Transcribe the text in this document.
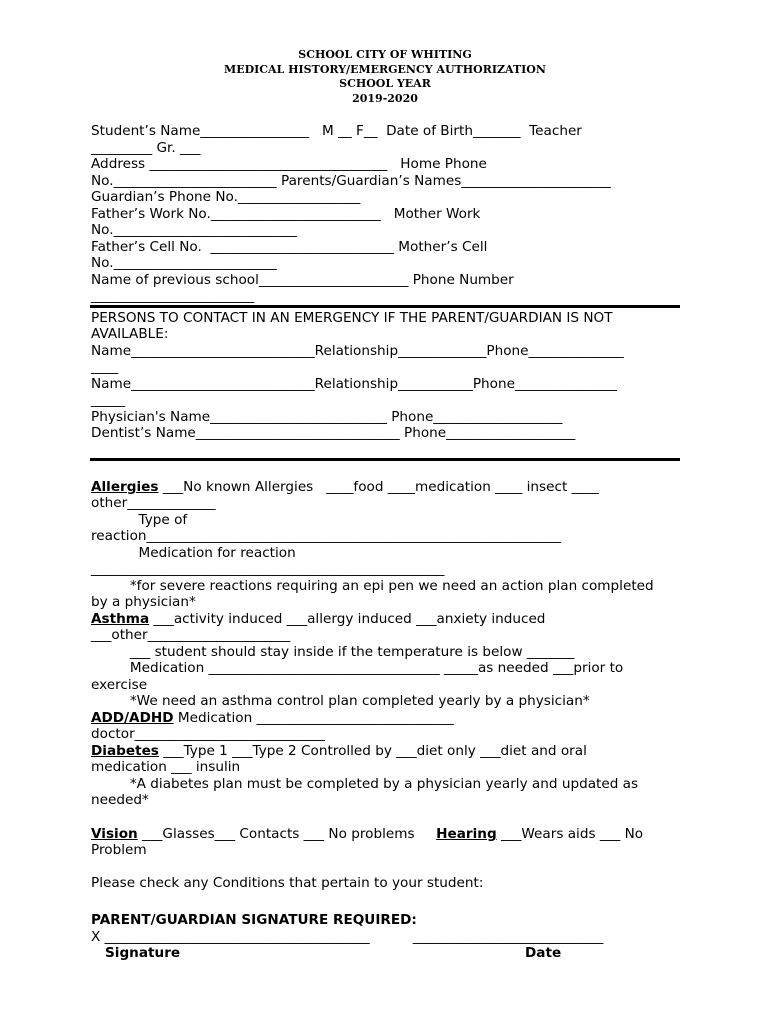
SCHOOL CITY OF WHITING
MEDICAL HISTORY/EMERGENCY AUTHORIZATION
SCHOOL YEAR
2019-2020
Student’s Name________________   M __ F__  Date of Birth_______  Teacher
_________ Gr. ___
Address ___________________________________   Home Phone
No.________________________ Parents/Guardian’s Names______________________
Guardian’s Phone No.__________________
Father’s Work No._________________________   Mother Work
No.___________________________
Father’s Cell No.  ___________________________ Mother’s Cell
No.________________________
Name of previous school______________________ Phone Number
________________________
PERSONS TO CONTACT IN AN EMERGENCY IF THE PARENT/GUARDIAN IS NOT
AVAILABLE:
Name___________________________Relationship_____________Phone______________
____
Name___________________________Relationship___________Phone_______________
_____
Physician's Name__________________________ Phone___________________
Dentist’s Name______________________________ Phone___________________
Allergies ___No known Allergies   ____food ____medication ____ insect ____
other_____________
Type of
reaction_____________________________________________________________
Medication for reaction
____________________________________________________
*for severe reactions requiring an epi pen we need an action plan completed
by a physician*
Asthma ___activity induced ___allergy induced ___anxiety induced
___other_____________________
___ student should stay inside if the temperature is below _______
Medication __________________________________ _____as needed ___prior to
exercise
*We need an asthma control plan completed yearly by a physician*
ADD/ADHD Medication _____________________________
doctor____________________________
Diabetes ___Type 1 ___Type 2 Controlled by ___diet only ___diet and oral
medication ___ insulin
*A diabetes plan must be completed by a physician yearly and updated as
needed*
Vision ___Glasses___ Contacts ___ No problems     Hearing ___Wears aids ___ No
Problem
Please check any Conditions that pertain to your student:
PARENT/GUARDIAN SIGNATURE REQUIRED:
X _______________________________________          ____________________________
Signature	Date
